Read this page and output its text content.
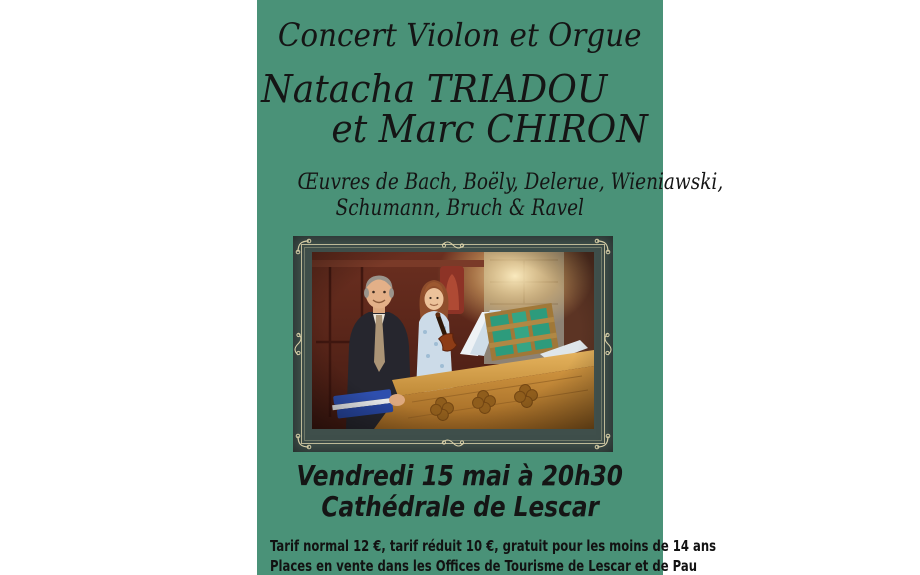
Concert Violon et Orgue
Natacha TRIADOU
et Marc CHIRON
Œuvres de Bach, Boëly, Delerue, Wieniawski,
Schumann, Bruch & Ravel
Vendredi 15 mai à 20h30
Cathédrale de Lescar
Tarif normal 12 €, tarif réduit 10 €, gratuit pour les moins de 14 ans
Places en vente dans les Offices de Tourisme de Lescar et de Pau
